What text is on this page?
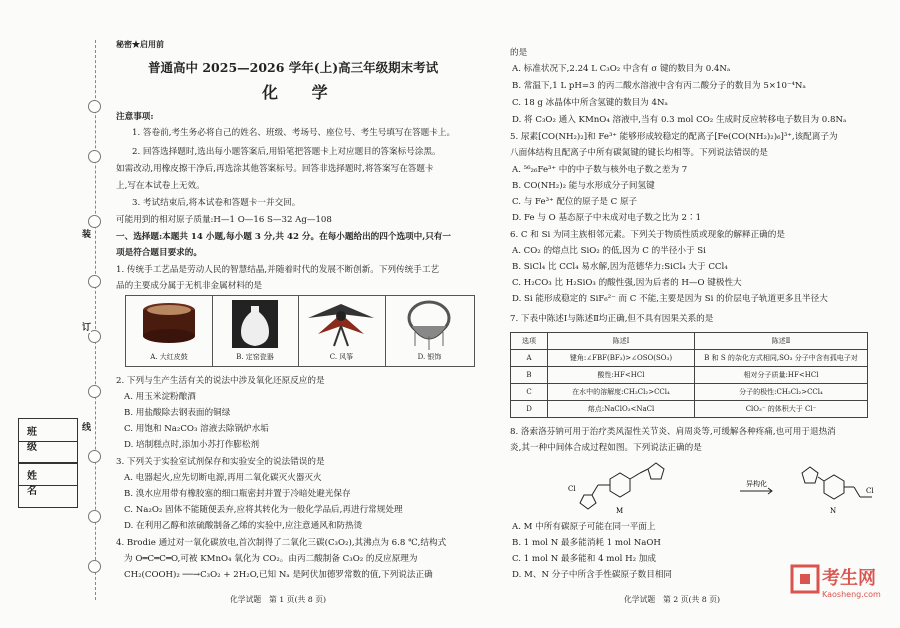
装
订
线
班 级
姓 名
秘密★启用前
普通高中 2025—2026 学年(上)高三年级期末考试
化 学
注意事项:
1. 答卷前,考生务必将自己的姓名、班级、考场号、座位号、考生号填写在答题卡上。
2. 回答选择题时,选出每小题答案后,用铅笔把答题卡上对应题目的答案标号涂黑。
如需改动,用橡皮擦干净后,再选涂其他答案标号。回答非选择题时,将答案写在答题卡
上,写在本试卷上无效。
3. 考试结束后,将本试卷和答题卡一并交回。
可能用到的相对原子质量:H—1 O—16 S—32 Ag—108
一、选择题:本题共 14 小题,每小题 3 分,共 42 分。在每小题给出的四个选项中,只有一
项是符合题目要求的。
1. 传统手工艺品是劳动人民的智慧结晶,并随着时代的发展不断创新。下列传统手工艺
品的主要成分属于无机非金属材料的是
A. 大红皮鼓	B. 定窑瓷器	C. 风筝	D. 银饰
2. 下列与生产生活有关的说法中涉及氧化还原反应的是
A. 用玉米淀粉酿酒
B. 用盐酸除去钢表面的铜绿
C. 用饱和 Na₂CO₃ 溶液去除锅炉水垢
D. 培制糕点时,添加小苏打作膨松剂
3. 下列关于实验室试剂保存和实验安全的说法错误的是
A. 电器起火,应先切断电源,再用二氧化碳灭火器灭火
B. 溴水应用带有橡胶塞的细口瓶密封并置于冷暗处避光保存
C. Na₂O₂ 固体不能随便丢弃,应将其转化为一般化学品后,再进行常规处理
D. 在利用乙醇和浓硫酸制备乙烯的实验中,应注意通风和防热烫
4. Brodie 通过对一氧化碳放电,首次制得了二氧化三碳(C₃O₂),其沸点为 6.8 ℃,结构式
为 O═C═C═O,可被 KMnO₄ 氧化为 CO₂。由丙二酸制备 C₃O₂ 的反应原理为
CH₂(COOH)₂ ──→C₃O₂ + 2H₂O,已知 Nₐ 是阿伏加德罗常数的值,下列说法正确
化学试题　第 1 页(共 8 页)
的是
A. 标准状况下,2.24 L C₃O₂ 中含有 σ 键的数目为 0.4Nₐ
B. 常温下,1 L pH=3 的丙二酸水溶液中含有丙二酸分子的数目为 5×10⁻⁴Nₐ
C. 18 g 冰晶体中所含氢键的数目为 4Nₐ
D. 将 C₃O₂ 通入 KMnO₄ 溶液中,当有 0.3 mol CO₂ 生成时反应转移电子数目为 0.8Nₐ
5. 尿素[CO(NH₂)₂]和 Fe³⁺ 能够形成较稳定的配离子[Fe(CO(NH₂)₂)₆]³⁺,该配离子为
八面体结构且配离子中所有碳氮键的键长均相等。下列说法错误的是
A. ⁵⁶₂₆Fe³⁺ 中的中子数与核外电子数之差为 7
B. CO(NH₂)₂ 能与水形成分子间氢键
C. 与 Fe³⁺ 配位的原子是 C 原子
D. Fe 与 O 基态原子中未成对电子数之比为 2∶1
6. C 和 Si 为同主族相邻元素。下列关于物质性质或现象的解释正确的是
A. CO₂ 的熔点比 SiO₂ 的低,因为 C 的半径小于 Si
B. SiCl₄ 比 CCl₄ 易水解,因为范德华力:SiCl₄ 大于 CCl₄
C. H₂CO₃ 比 H₂SiO₃ 的酸性强,因为后者的 H—O 键极性大
D. Si 能形成稳定的 SiF₆²⁻ 而 C 不能,主要是因为 Si 的价层电子轨道更多且半径大
7. 下表中陈述Ⅰ与陈述Ⅱ均正确,但不具有因果关系的是
选项	陈述Ⅰ	陈述Ⅱ
A	键角:∠FBF(BF₃)>∠OSO(SO₃)	B 和 S 的杂化方式相同,SO₃ 分子中含有孤电子对
B	酸性:HF<HCl	相对分子质量:HF<HCl
C	在水中的溶解度:CH₂Cl₂>CCl₄	分子的极性:CH₂Cl₂>CCl₄
D	熔点:NaClO₃<NaCl	ClO₃⁻ 的体积大于 Cl⁻
8. 洛索洛芬钠可用于治疗类风湿性关节炎、肩周炎等,可缓解各种疼痛,也可用于退热消
炎,其一种中间体合成过程如图。下列说法正确的是
Cl
M
异构化
N
Cl
A. M 中所有碳原子可能在同一平面上
B. 1 mol N 最多能消耗 1 mol NaOH
C. 1 mol N 最多能和 4 mol H₂ 加成
D. M、N 分子中所含手性碳原子数目相同
化学试题　第 2 页(共 8 页)
考生网
Kaosheng.com
